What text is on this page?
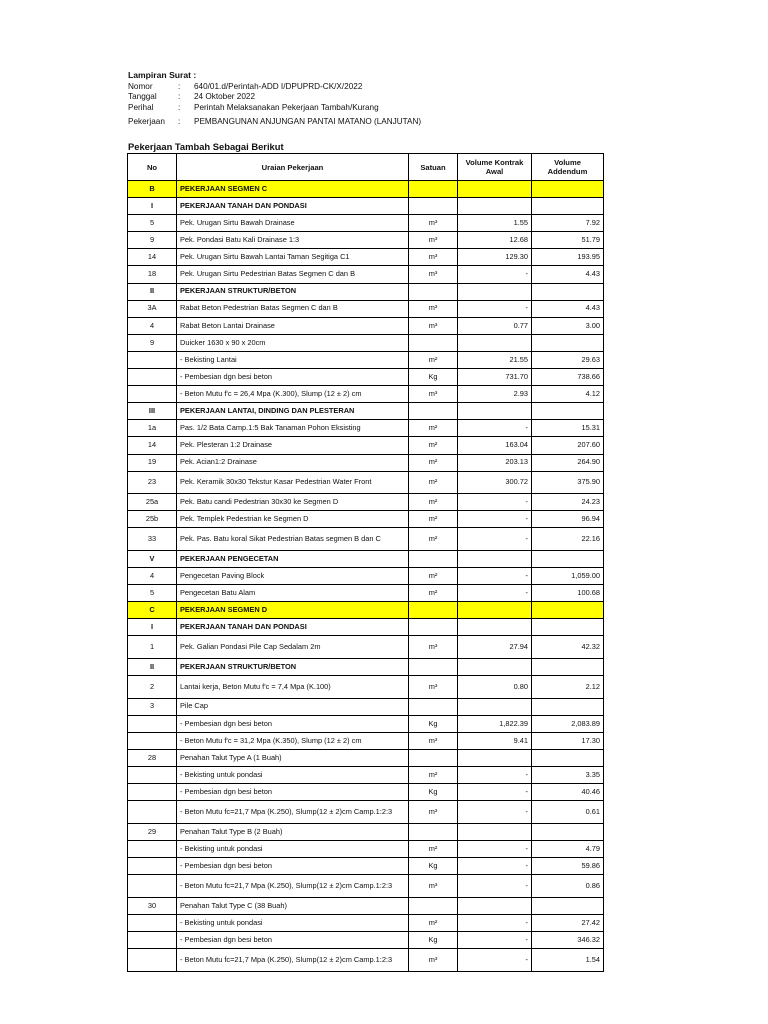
Lampiran Surat :
Nomor	:	640/01.d/Perintah-ADD I/DPUPRD-CK/X/2022
Tanggal	:	24 Oktober 2022
Perihal	:	Perintah Melaksanakan Pekerjaan Tambah/Kurang
Pekerjaan	:	PEMBANGUNAN ANJUNGAN PANTAI MATANO (LANJUTAN)
Pekerjaan Tambah Sebagai Berikut
No	Uraian Pekerjaan	Satuan	Volume Kontrak Awal	Volume Addendum
B	PEKERJAAN SEGMEN C			
I	PEKERJAAN TANAH DAN PONDASI			
5	Pek. Urugan Sirtu Bawah Drainase	m³	1.55	7.92
9	Pek. Pondasi Batu Kali Drainase 1:3	m³	12.68	51.79
14	Pek. Urugan Sirtu Bawah Lantai Taman Segitiga C1	m³	129.30	193.95
18	Pek. Urugan Sirtu Pedestrian Batas Segmen C dan B	m³	-	4.43
II	PEKERJAAN STRUKTUR/BETON			
3A	Rabat Beton Pedestrian Batas Segmen C dan B	m³	-	4.43
4	Rabat Beton Lantai Drainase	m³	0.77	3.00
9	Duicker 1630 x 90 x 20cm			
	- Bekisting Lantai	m²	21.55	29.63
	- Pembesian dgn besi beton	Kg	731.70	738.66
	- Beton Mutu f'c = 26,4 Mpa (K.300), Slump (12 ± 2) cm	m³	2.93	4.12
III	PEKERJAAN LANTAI, DINDING DAN PLESTERAN			
1a	Pas. 1/2 Bata Camp.1:5 Bak Tanaman Pohon Eksisting	m²	-	15.31
14	Pek. Plesteran 1:2 Drainase	m²	163.04	207.60
19	Pek. Acian1:2 Drainase	m²	203.13	264.90
23	Pek. Keramik 30x30 Tekstur Kasar Pedestrian Water Front	m²	300.72	375.90
25a	Pek. Batu candi Pedestrian 30x30 ke Segmen D	m²	-	24.23
25b	Pek. Templek Pedestrian ke Segmen D	m²	-	96.94
33	Pek. Pas. Batu koral Sikat Pedestrian Batas segmen B dan C	m²	-	22.16
V	PEKERJAAN PENGECETAN			
4	Pengecetan Paving Block	m²	-	1,059.00
5	Pengecetan Batu Alam	m²	-	100.68
C	PEKERJAAN SEGMEN D			
I	PEKERJAAN TANAH DAN PONDASI			
1	Pek. Galian Pondasi Pile Cap Sedalam 2m	m³	27.94	42.32
II	PEKERJAAN STRUKTUR/BETON			
2	Lantai kerja, Beton Mutu f'c = 7,4 Mpa (K.100)	m³	0.80	2.12
3	Pile Cap			
	- Pembesian dgn besi beton	Kg	1,822.39	2,083.89
	- Beton Mutu f'c = 31,2 Mpa (K.350), Slump (12 ± 2) cm	m³	9.41	17.30
28	Penahan Talut Type A (1 Buah)			
	- Bekisting untuk pondasi	m²	-	3.35
	- Pembesian dgn besi beton	Kg	-	40.46
	- Beton Mutu fc=21,7 Mpa (K.250), Slump(12 ± 2)cm Camp.1:2:3	m³	-	0.61
29	Penahan Talut Type B (2 Buah)			
	- Bekisting untuk pondasi	m²	-	4.79
	- Pembesian dgn besi beton	Kg	-	59.86
	- Beton Mutu fc=21,7 Mpa (K.250), Slump(12 ± 2)cm Camp.1:2:3	m³	-	0.86
30	Penahan Talut Type C (38 Buah)			
	- Bekisting untuk pondasi	m²	-	27.42
	- Pembesian dgn besi beton	Kg	-	346.32
	- Beton Mutu fc=21,7 Mpa (K.250), Slump(12 ± 2)cm Camp.1:2:3	m³	-	1.54
